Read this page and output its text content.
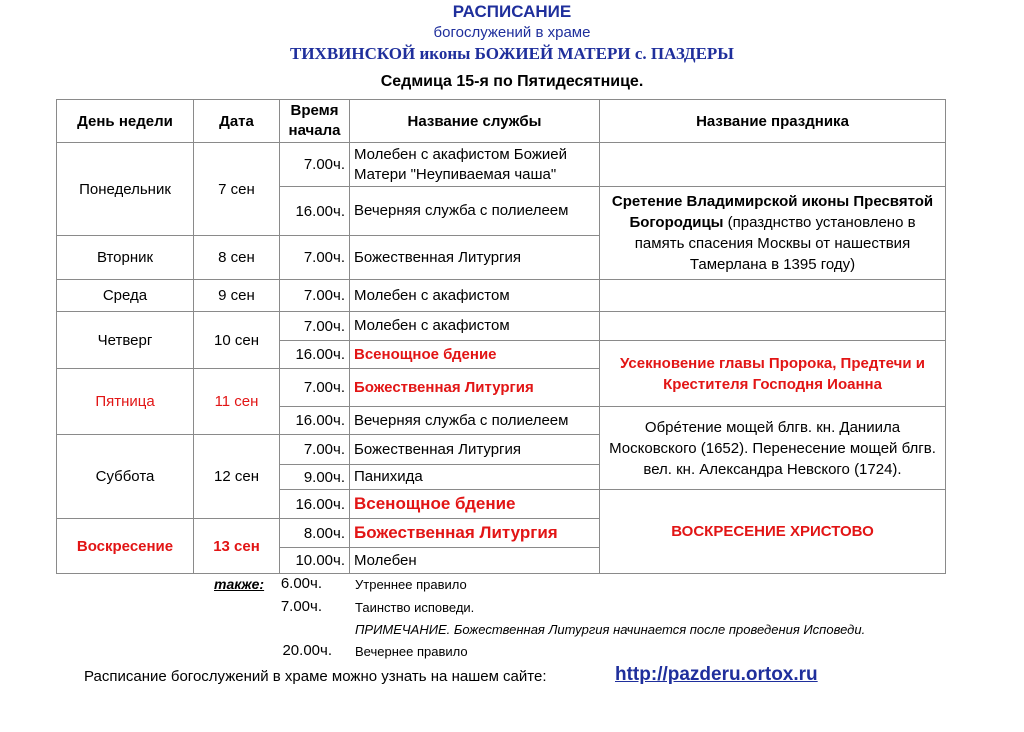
РАСПИСАНИЕ
богослужений в храме
ТИХВИНСКОЙ иконы БОЖИЕЙ МАТЕРИ с. ПАЗДЕРЫ
Седмица 15-я по Пятидесятнице.
День недели	Дата	Время начала	Название службы	Название праздника
Понедельник	7 сен	7.00ч.	Молебен с акафистом Божией Матери "Неупиваемая чаша"	
		16.00ч.	Вечерняя служба с полиелеем	Сретение Владимирской иконы Пресвятой Богородицы (празднство установлено в память спасения Москвы от нашествия Тамерлана в 1395 году)
Вторник	8 сен	7.00ч.	Божественная Литургия	
Среда	9 сен	7.00ч.	Молебен с акафистом	
Четверг	10 сен	7.00ч.	Молебен с акафистом	
		16.00ч.	Всенощное бдение	Усекновение главы Пророка, Предтечи и Крестителя Господня Иоанна
Пятница	11 сен	7.00ч.	Божественная Литургия	
		16.00ч.	Вечерняя служба с полиелеем	Обрéтение мощей блгв. кн. Даниила Московского (1652). Перенесение мощей блгв. вел. кн. Александра Невского (1724).
Суббота	12 сен	7.00ч.	Божественная Литургия	
		9.00ч.	Панихида	
		16.00ч.	Всенощное бдение	ВОСКРЕСЕНИЕ ХРИСТОВО
Воскресение	13 сен	8.00ч.	Божественная Литургия	
		10.00ч.	Молебен	
также:	6.00ч.	Утреннее правило
7.00ч.	Таинство исповеди.
ПРИМЕЧАНИЕ. Божественная Литургия начинается после проведения Исповеди.
20.00ч. Вечернее правило
Расписание богослужений в храме можно узнать на нашем сайте:	http://pazderu.ortox.ru
